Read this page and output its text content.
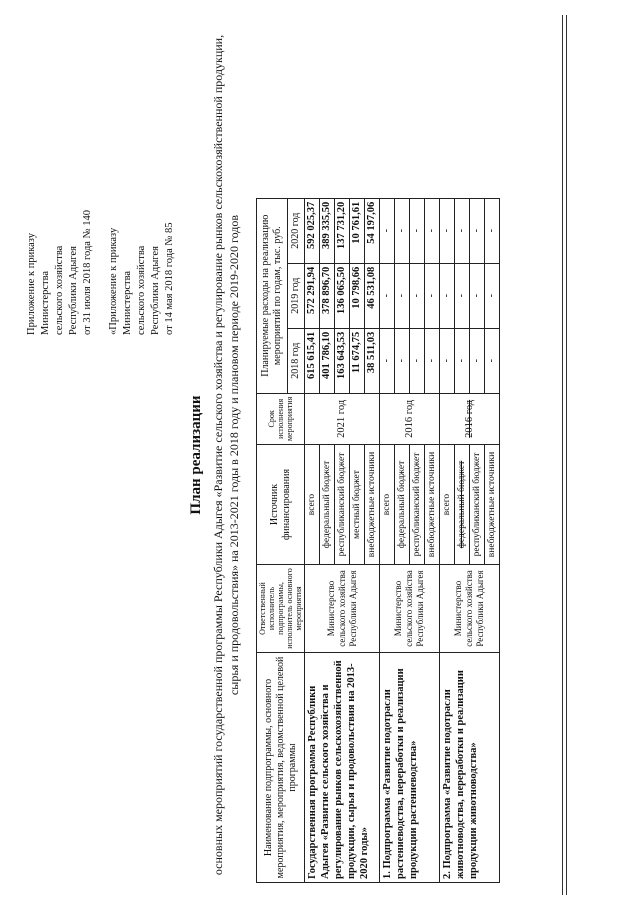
Приложение к приказу Министерства сельского хозяйства Республики Адыгея от 31 июля 2018 года № 140 «Приложение к приказу Министерства сельского хозяйства Республики Адыгея от 14 мая 2018 года № 85
План реализации основных мероприятий государственной программы Республики Адыгея «Развитие сельского хозяйства и регулирование рынков сельскохозяйственной продукции, сырья и продовольствия» на 2013-2021 годы в 2018 году и плановом периоде 2019-2020 годов
Наименование подпрограммы, основного мероприятия, мероприятия, ведомственной целевой программы	Ответственный исполнитель подпрограммы, исполнитель основного мероприятия	Источник финансирования	Срок исполнения мероприятия	Планируемые расходы на реализацию мероприятий по годам, тыс. руб.		
				2018 год	2019 год	2020 год
Государственная программа Республики Адыгея «Развитие сельского хозяйства и регулирование рынков сельскохозяйственной продукции, сырья и продовольствия на 2013-2020 годы»	Министерство сельского хозяйства Республики Адыгея	всего	2021 год	615 615,41	572 291,94	592 025,37
		федеральный бюджет		401 786,10	378 896,70	389 335,50
		республиканский бюджет		163 643,53	136 065,50	137 731,20
		местный бюджет		11 674,75	10 798,66	10 761,61
		внебюджетные источники		38 511,03	46 531,08	54 197,06
1. Подпрограмма «Развитие подотрасли растениеводства, переработки и реализации продукции растениеводства»	Министерство сельского хозяйства Республики Адыгея	всего	2016 год	-	-	-
		федеральный бюджет		-	-	-
		республиканский бюджет		-	-	-
		внебюджетные источники		-	-	-
2. Подпрограмма «Развитие подотрасли животноводства, переработки и реализации продукции животноводства»	Министерство сельского хозяйства Республики Адыгея	всего	2016 год	-	-	-
		федеральный бюджет		-	-	-
		республиканский бюджет		-	-	-
		внебюджетные источники		-	-	-
